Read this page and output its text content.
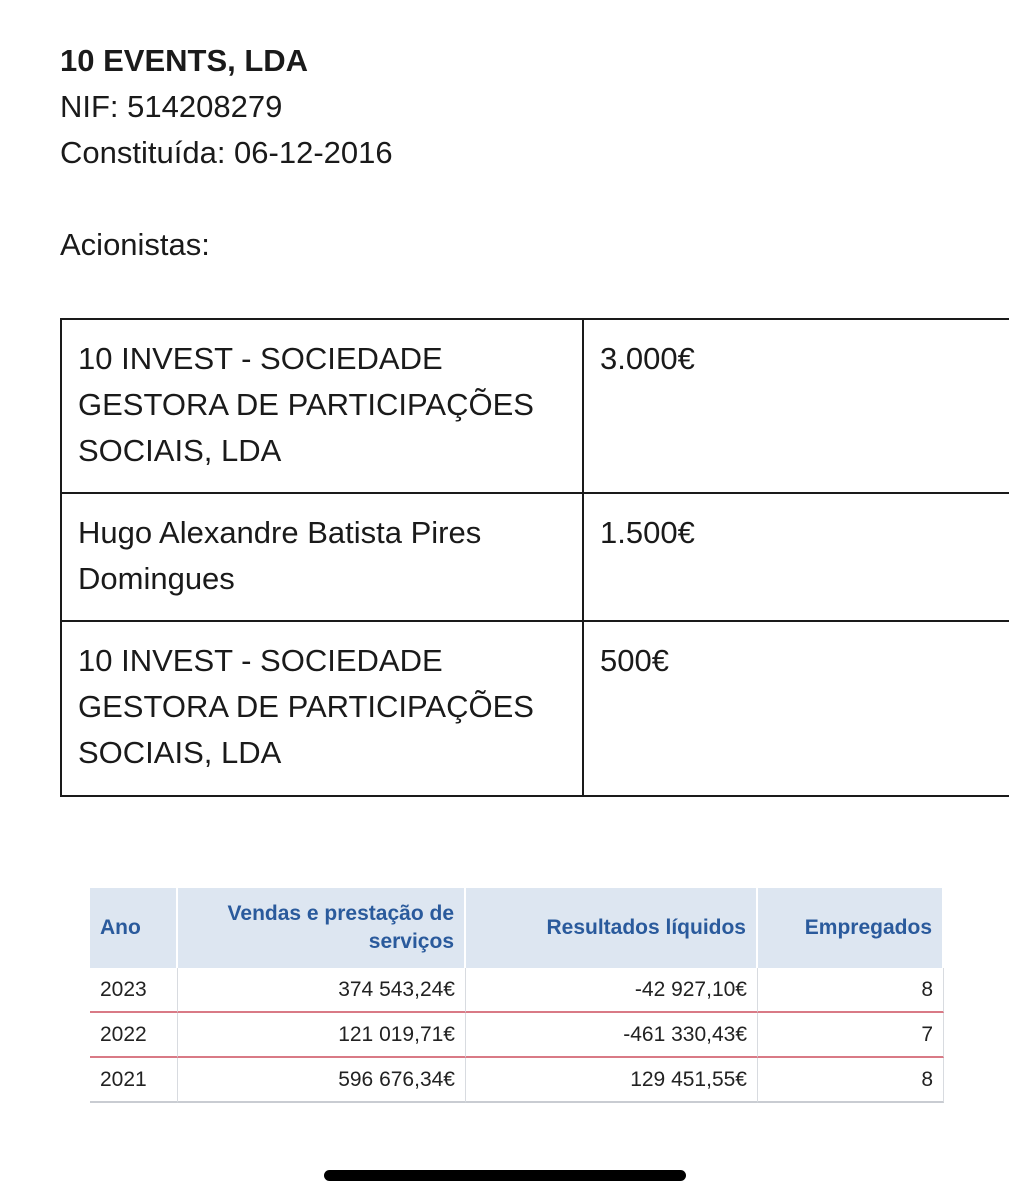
10 EVENTS, LDA

NIF: 514208279

Constituída: 06-12-2016

Acionistas:

10 INVEST - SOCIEDADE GESTORA DE PARTICIPAÇÕES SOCIAIS, LDA	3.000€
Hugo Alexandre Batista Pires Domingues	1.500€
10 INVEST - SOCIEDADE GESTORA DE PARTICIPAÇÕES SOCIAIS, LDA	500€
Ano	Vendas e prestação de serviços	Resultados líquidos	Empregados
2023	374 543,24€	-42 927,10€	8
2022	121 019,71€	-461 330,43€	7
2021	596 676,34€	129 451,55€	8
